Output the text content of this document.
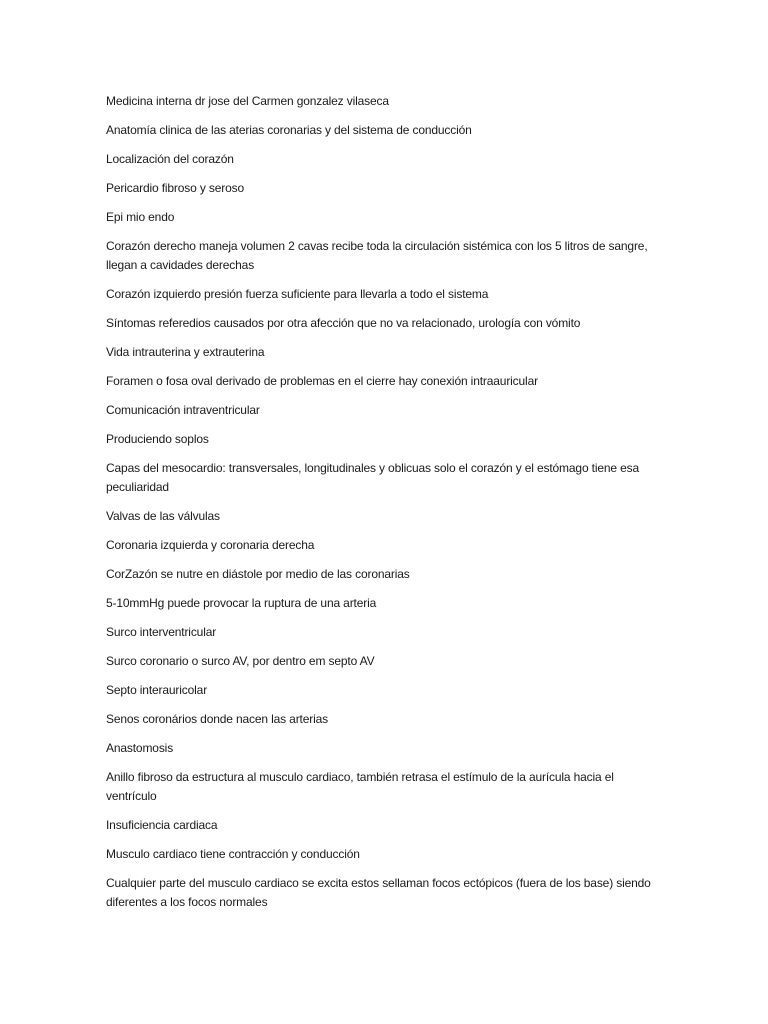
Medicina interna dr jose del Carmen gonzalez vilaseca

Anatomía clinica de las aterias coronarias y del sistema de conducción

Localización del corazón

Pericardio fibroso y seroso

Epi mio endo

Corazón derecho maneja volumen 2 cavas recibe toda la circulación sistémica con los 5 litros de sangre, llegan a cavidades derechas

Corazón izquierdo presión fuerza suficiente para llevarla a todo el sistema

Síntomas referedios causados por otra afección que no va relacionado, urología con vómito

Vida intrauterina y extrauterina

Foramen o fosa oval derivado de problemas en el cierre hay conexión intraauricular

Comunicación intraventricular

Produciendo soplos

Capas del mesocardio: transversales, longitudinales y oblicuas solo el corazón y el estómago tiene esa peculiaridad

Valvas de las válvulas

Coronaria izquierda y coronaria derecha

CorZazón se nutre en diástole por medio de las coronarias

5-10mmHg puede provocar la ruptura de una arteria

Surco interventricular

Surco coronario o surco AV, por dentro em septo AV

Septo interauricolar

Senos coronários donde nacen las arterias

Anastomosis

Anillo fibroso da estructura al musculo cardiaco, también retrasa el estímulo de la aurícula hacia el ventrículo

Insuficiencia cardiaca

Musculo cardiaco tiene contracción y conducción

Cualquier parte del musculo cardiaco se excita estos sellaman focos ectópicos (fuera de los base) siendo diferentes a los focos normales
